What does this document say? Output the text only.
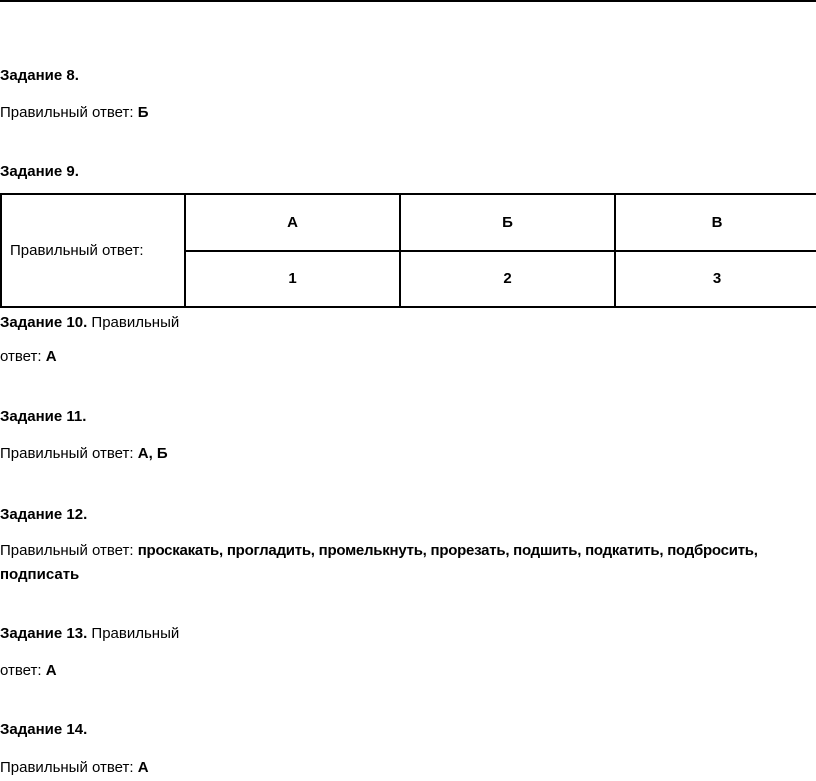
Задание 8.
Правильный ответ: Б
Задание 9.
Правильный ответ:	А	Б	В
	1	2	3
Задание 10. Правильный
ответ: А
Задание 11.
Правильный ответ: А, Б
Задание 12.
Правильный ответ: проскакать, прогладить, промелькнуть, прорезать, подшить, подкатить, подбросить,
подписать
Задание 13. Правильный
ответ: А
Задание 14.
Правильный ответ: А
